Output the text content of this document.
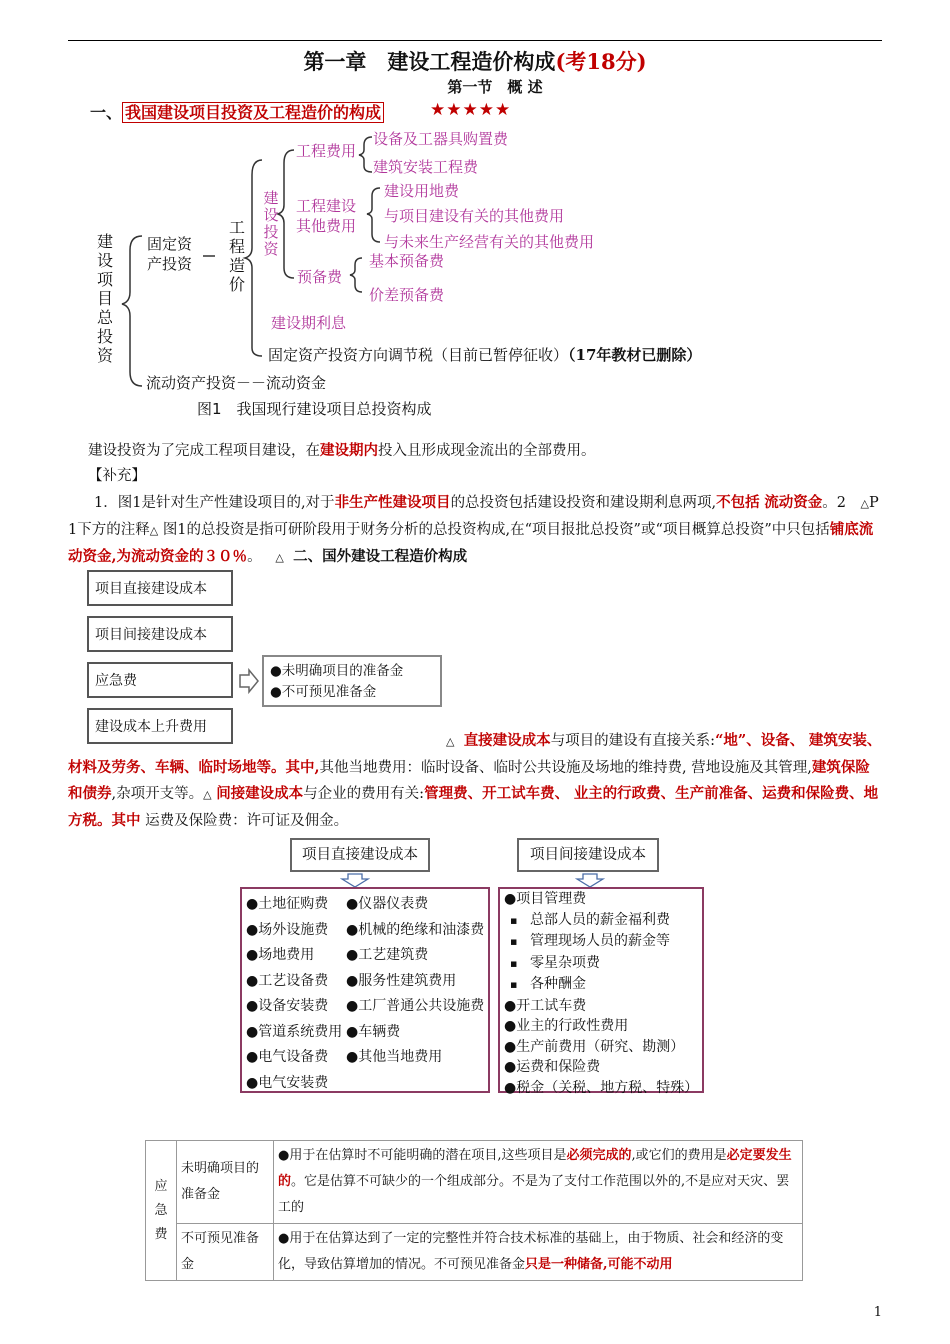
第一章　建设工程造价构成(考18分)
第一节　概 述
一、 我国建设项目投资及工程造价的构成	★★★★★
建设项目总投资
固定资产投资
工程造价
建设投资
工程费用
设备及工器具购置费
建筑安装工程费
工程建设其他费用
建设用地费
与项目建设有关的其他费用
与未来生产经营有关的其他费用
预备费
基本预备费
价差预备费
建设期利息
固定资产投资方向调节税（目前已暂停征收）（17年教材已删除）
流动资产投资－－流动资金
图1　我国现行建设项目总投资构成
建设投资为了完成工程项目建设，在建设期内投入且形成现金流出的全部费用。
【补充】
1．图1是针对生产性建设项目的,对于非生产性建设项目的总投资包括建设投资和建设期利息两项,不包括 流动资金。2　△P 1下方的注释△ 图1的总投资是指可研阶段用于财务分析的总投资构成,在“项目报批总投资”或“项目概算总投资”中只包括铺底流动资金,为流动资金的３０％。 △ 二、国外建设工程造价构成
项目直接建设成本
项目间接建设成本
应急费
建设成本上升费用
●未明确项目的准备金
●不可预见准备金
△ 直接建设成本与项目的建设有直接关系:“地”、设备、 建筑安装、材料及劳务、车辆、临时场地等。其中,其他当地费用：临时设备、临时公共设施及场地的维持费, 营地设施及其管理,建筑保险和债券,杂项开支等。△ 间接建设成本与企业的费用有关:管理费、开工试车费、 业主的行政费、生产前准备、运费和保险费、地方税。其中 运费及保险费：许可证及佣金。
项目直接建设成本	项目间接建设成本
●土地征购费
●场外设施费
●场地费用
●工艺设备费
●设备安装费
●管道系统费用
●电气设备费
●电气安装费
●仪器仪表费
●机械的绝缘和油漆费
●工艺建筑费
●服务性建筑费用
●工厂普通公共设施费
●车辆费
●其他当地费用
●项目管理费
▪ 总部人员的薪金福利费
▪ 管理现场人员的薪金等
▪ 零星杂项费
▪ 各种酬金
●开工试车费
●业主的行政性费用
●生产前费用（研究、勘测）
●运费和保险费
●税金（关税、地方税、特殊）
应急费	未明确项目的准备金	●用于在估算时不可能明确的潜在项目,这些项目是必须完成的,或它们的费用是必定要发生的。它是估算不可缺少的一个组成部分。不是为了支付工作范围以外的,不是应对天灾、罢工的
	不可预见准备金	●用于在估算达到了一定的完整性并符合技术标准的基础上，由于物质、社会和经济的变化，导致估算增加的情况。不可预见准备金只是一种储备,可能不动用
1
